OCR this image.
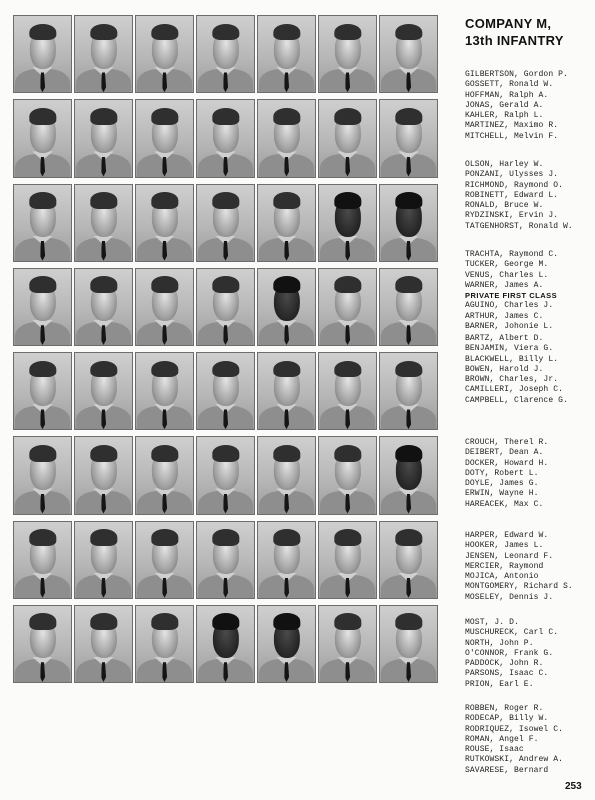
COMPANY M,
13th INFANTRY
GILBERTSON, Gordon P.
GOSSETT, Ronald W.
HOFFMAN, Ralph A.
JONAS, Gerald A.
KAHLER, Ralph L.
MARTINEZ, Maximo R.
MITCHELL, Melvin F.
OLSON, Harley W.
PONZANI, Ulysses J.
RICHMOND, Raymond O.
ROBINETT, Edward L.
RONALD, Bruce W.
RYDZINSKI, Ervin J.
TATGENHORST, Ronald W.
TRACHTA, Raymond C.
TUCKER, George M.
VENUS, Charles L.
WARNER, James A.
PRIVATE FIRST CLASS
AGUINO, Charles J.
ARTHUR, James C.
BARNER, Johonie L.
BARTZ, Albert D.
BENJAMIN, Viera G.
BLACKWELL, Billy L.
BOWEN, Harold J.
BROWN, Charles, Jr.
CAMILLERI, Joseph C.
CAMPBELL, Clarence G.
CROUCH, Therel R.
DEIBERT, Dean A.
DOCKER, Howard H.
DOTY, Robert L.
DOYLE, James G.
ERWIN, Wayne H.
HAREACEK, Max C.
HARPER, Edward W.
HOOKER, James L.
JENSEN, Leonard F.
MERCIER, Raymond
MOJICA, Antonio
MONTGOMERY, Richard S.
MOSELEY, Dennis J.
MOST, J. D.
MUSCHURECK, Carl C.
NORTH, John P.
O'CONNOR, Frank G.
PADDOCK, John R.
PARSONS, Isaac C.
PRION, Earl E.
ROBBEN, Roger R.
RODECAP, Billy W.
RODRIQUEZ, Isowel C.
ROMAN, Angel F.
ROUSE, Isaac
RUTKOWSKI, Andrew A.
SAVARESE, Bernard
253
